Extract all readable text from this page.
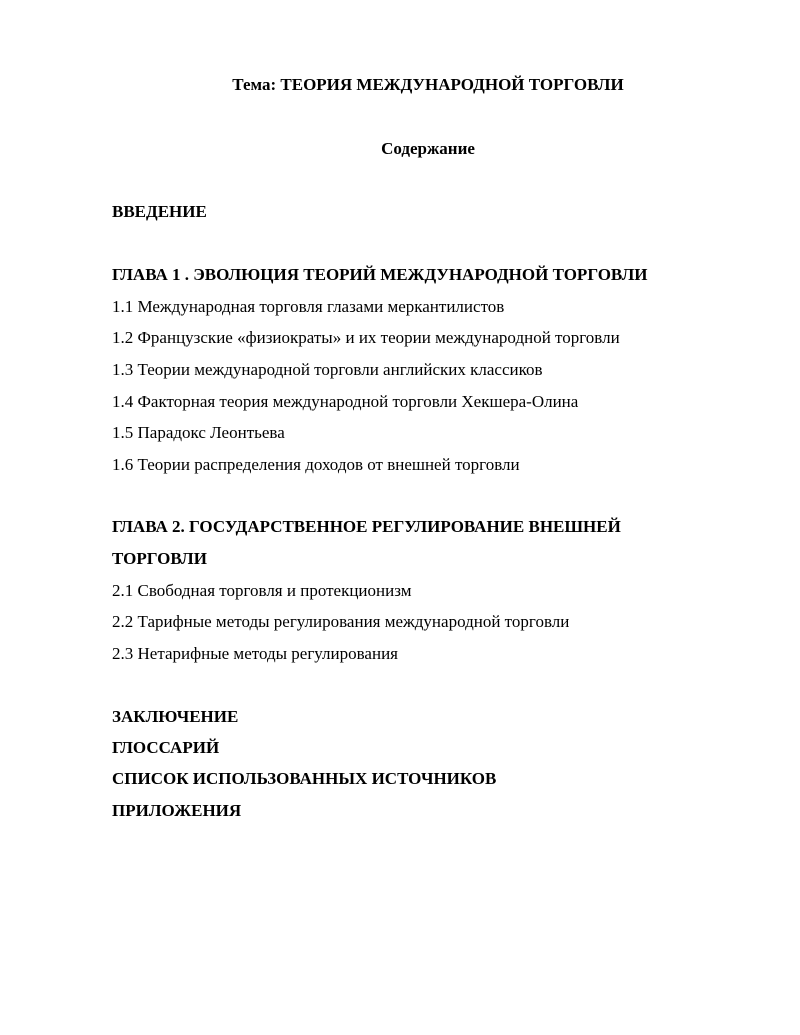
Тема: ТЕОРИЯ МЕЖДУНАРОДНОЙ ТОРГОВЛИ
Содержание
ВВЕДЕНИЕ
ГЛАВА 1 . ЭВОЛЮЦИЯ ТЕОРИЙ МЕЖДУНАРОДНОЙ ТОРГОВЛИ
1.1 Международная торговля глазами меркантилистов
1.2 Французские «физиократы» и их теории международной торговли
1.3 Теории международной торговли английских классиков
1.4 Факторная теория международной торговли Хекшера-Олина
1.5 Парадокс Леонтьева
1.6 Теории распределения доходов от внешней торговли
ГЛАВА 2. ГОСУДАРСТВЕННОЕ РЕГУЛИРОВАНИЕ ВНЕШНЕЙ
ТОРГОВЛИ
2.1 Свободная торговля и протекционизм
2.2 Тарифные методы регулирования международной торговли
2.3 Нетарифные методы регулирования
ЗАКЛЮЧЕНИЕ
ГЛОССАРИЙ
СПИСОК ИСПОЛЬЗОВАННЫХ ИСТОЧНИКОВ
ПРИЛОЖЕНИЯ
